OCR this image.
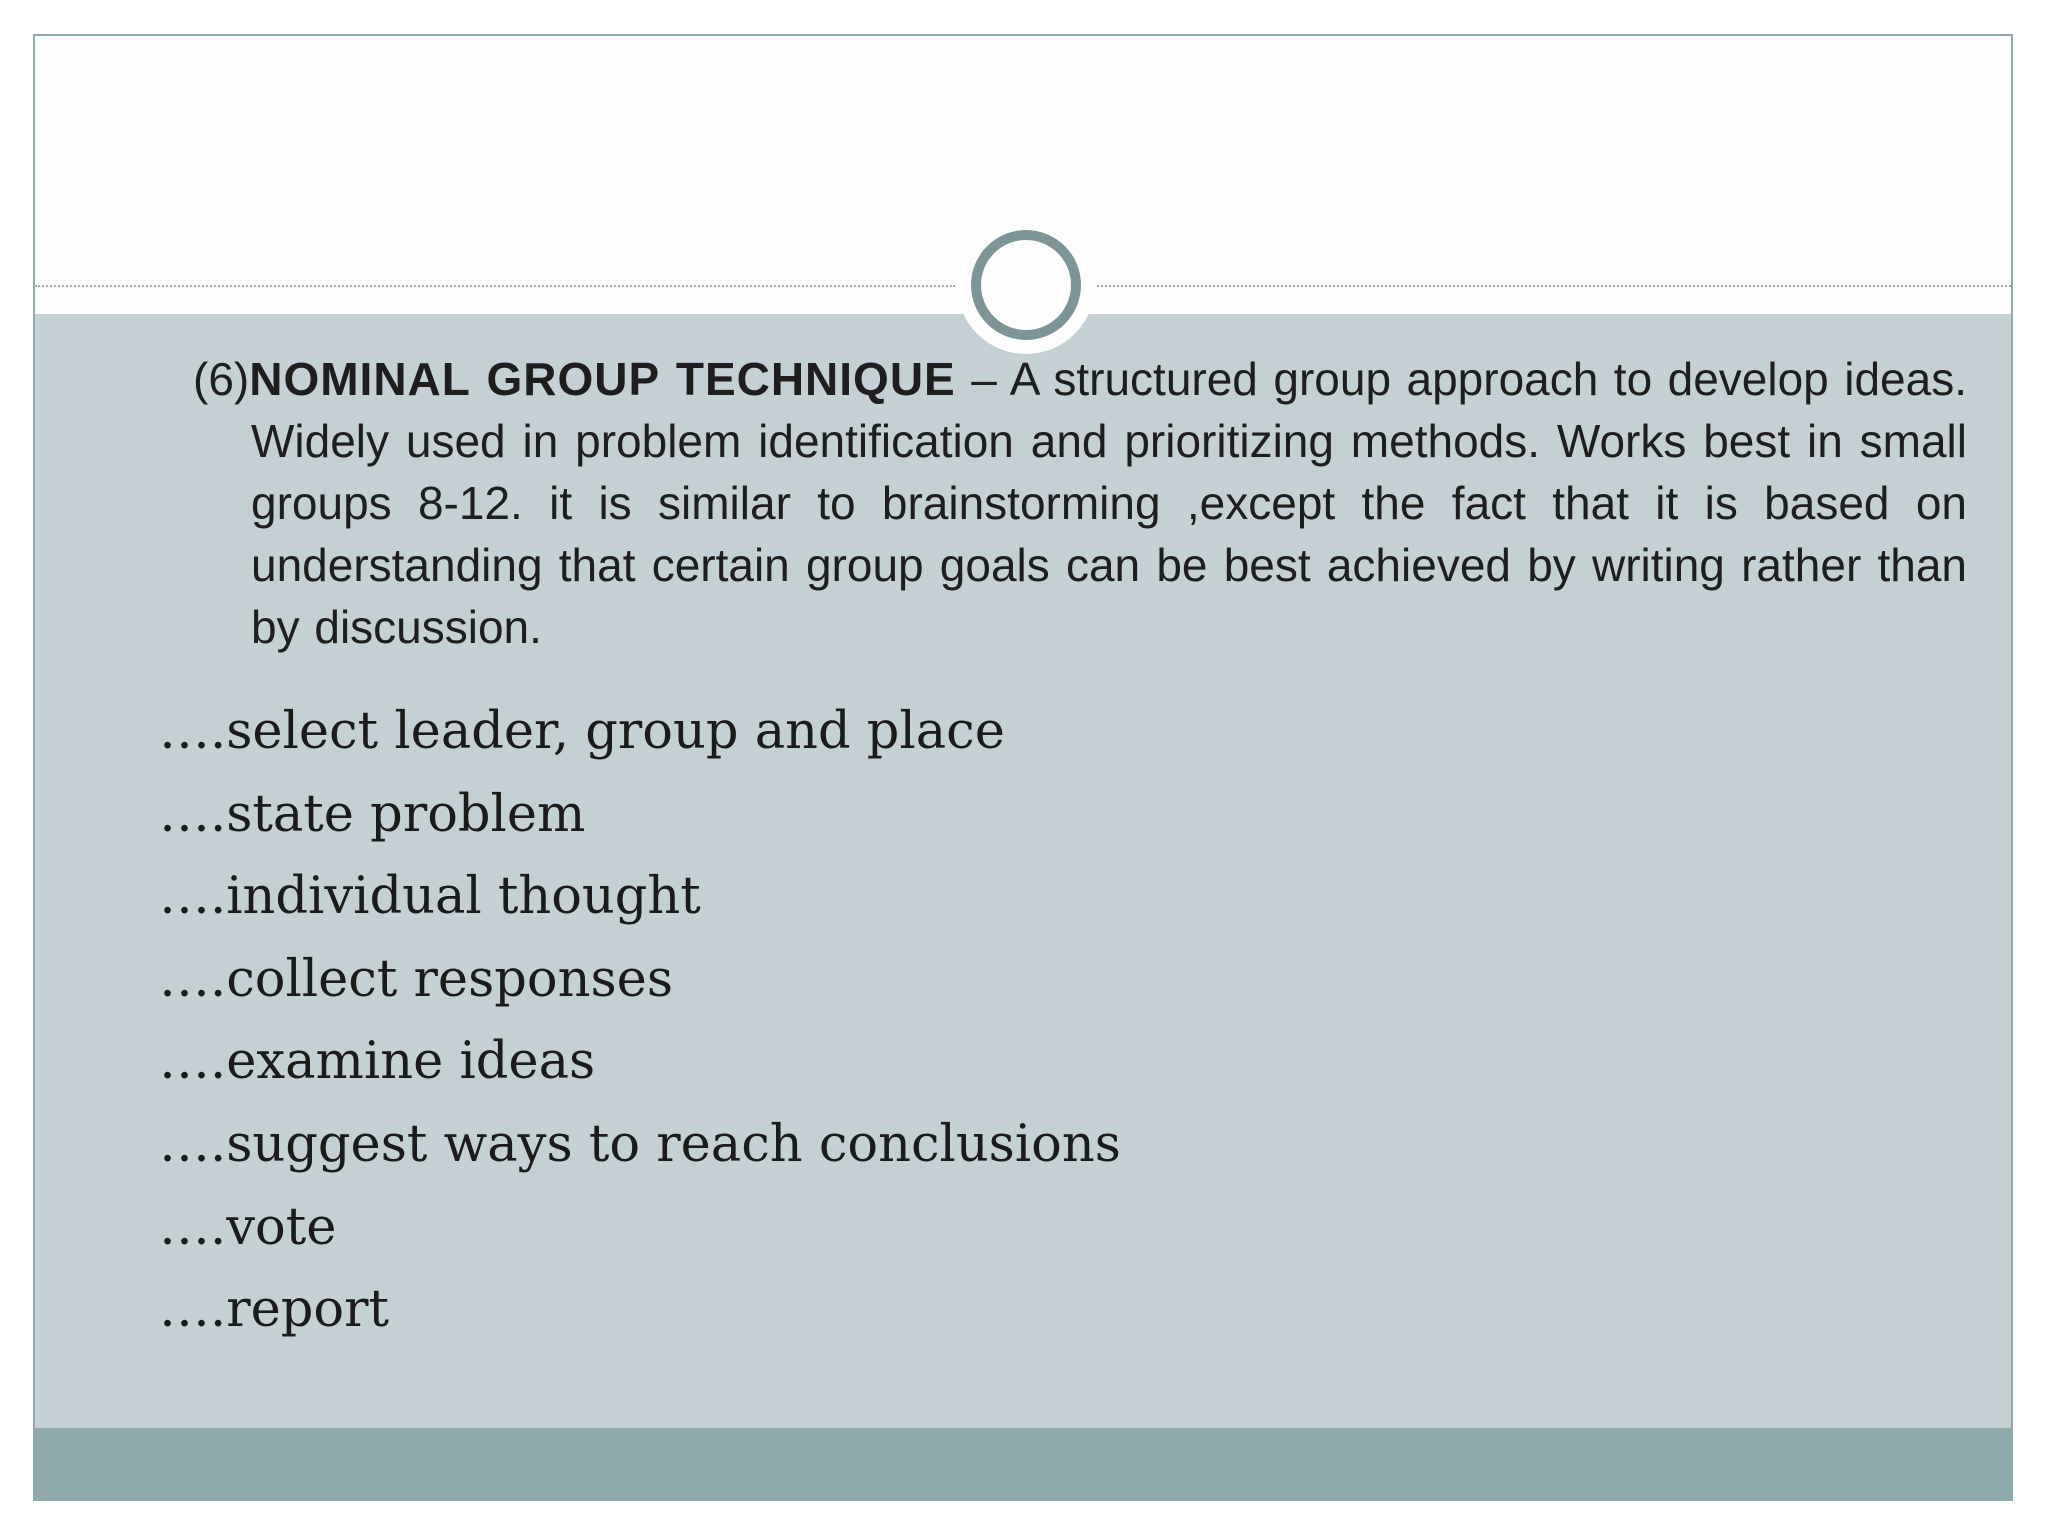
(6)NOMINAL GROUP TECHNIQUE – A structured group approach to develop ideas. Widely used in problem identification and prioritizing methods. Works best in small groups 8-12. it is similar to brainstorming ,except the fact that it is based on understanding that certain group goals can be best achieved by writing rather than by discussion.

….select leader, group and place
….state problem
….individual thought
….collect responses
….examine ideas
….suggest ways to reach conclusions
….vote
….report
